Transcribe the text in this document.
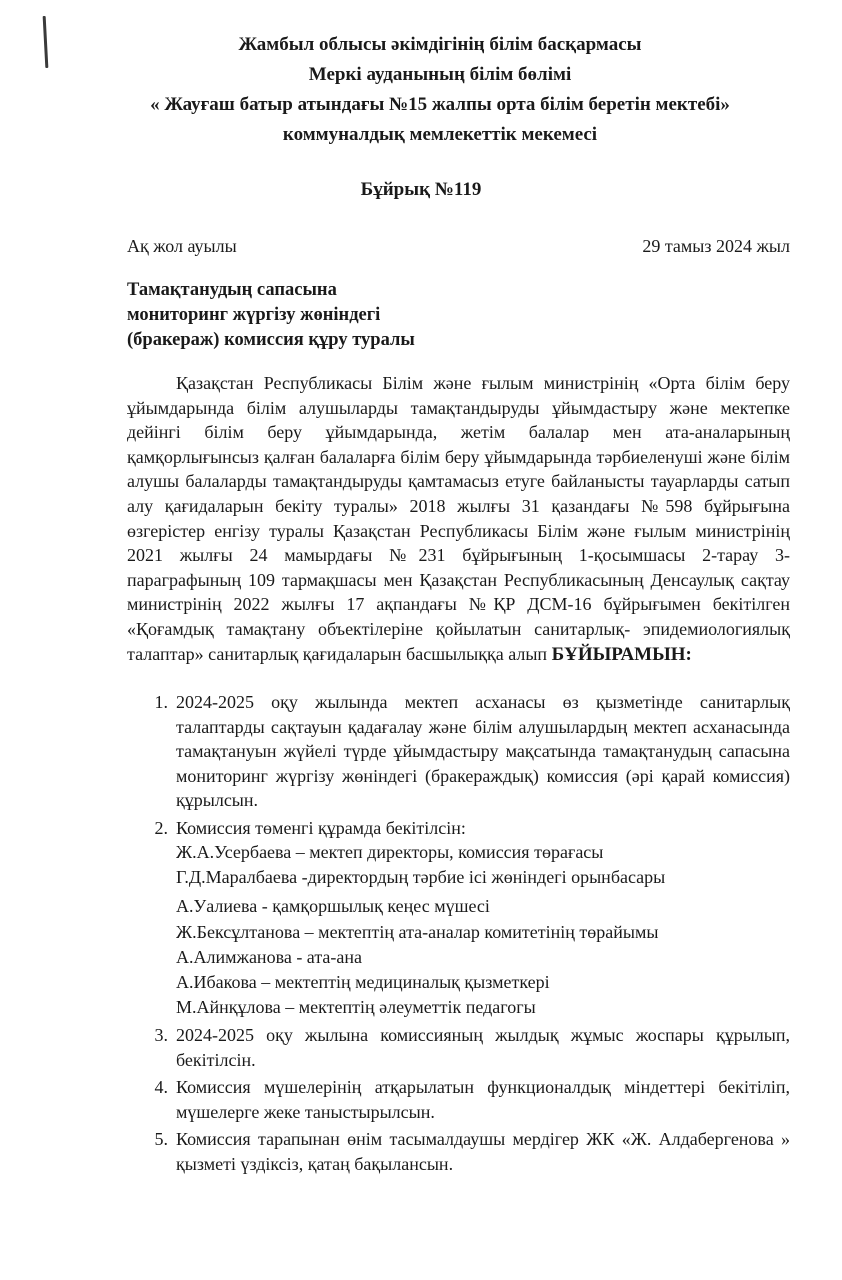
Жамбыл облысы әкімдігінің білім басқармасы
Меркі ауданының білім бөлімі
« Жауғаш батыр атындағы №15 жалпы орта білім беретін мектебі»
коммуналдық мемлекеттік мекемесі
Бұйрық №119
Ақ жол ауылы	29 тамыз 2024 жыл
Тамақтанудың сапасына
мониторинг жүргізу жөніндегі
(бракераж) комиссия құру туралы
Қазақстан Республикасы Білім және ғылым министрінің «Орта білім беру ұйымдарында білім алушыларды тамақтандыруды ұйымдастыру және мектепке дейінгі білім беру ұйымдарында, жетім балалар мен ата-аналарының қамқорлығынсыз қалған балаларға білім беру ұйымдарында тәрбиеленуші және білім алушы балаларды тамақтандыруды қамтамасыз етуге байланысты тауарларды сатып алу қағидаларын бекіту туралы» 2018 жылғы 31 қазандағы №598 бұйрығына өзгерістер енгізу туралы Қазақстан Республикасы Білім және ғылым министрінің 2021 жылғы 24 мамырдағы №231 бұйрығының 1-қосымшасы 2-тарау 3-параграфының 109 тармақшасы мен Қазақстан Республикасының Денсаулық сақтау министрінің 2022 жылғы 17 ақпандағы №ҚР ДСМ-16 бұйрығымен бекітілген «Қоғамдық тамақтану объектілеріне қойылатын санитарлық- эпидемиологиялық талаптар» санитарлық қағидаларын басшылыққа алып БҰЙЫРАМЫН:
1. 2024-2025 оқу жылында мектеп асханасы өз қызметінде санитарлық талаптарды сақтауын қадағалау және білім алушылардың мектеп асханасында тамақтануын жүйелі түрде ұйымдастыру мақсатында тамақтанудың сапасына мониторинг жүргізу жөніндегі (бракераждық) комиссия (әрі қарай комиссия) құрылсын.
2. Комиссия төменгі құрамда бекітілсін:
Ж.А.Усербаева – мектеп директоры, комиссия төрағасы
Г.Д.Маралбаева -директордың тәрбие ісі жөніндегі орынбасары
А.Уалиева - қамқоршылық кеңес мүшесі
Ж.Бексұлтанова – мектептің ата-аналар комитетінің төрайымы
А.Алимжанова - ата-ана
А.Ибакова – мектептің медициналық қызметкері
М.Айнқұлова – мектептің әлеуметтік педагогы
3. 2024-2025 оқу жылына комиссияның жылдық жұмыс жоспары құрылып, бекітілсін.
4. Комиссия мүшелерінің атқарылатын функционалдық міндеттері бекітіліп, мүшелерге жеке таныстырылсын.
5. Комиссия тарапынан өнім тасымалдаушы мердігер ЖК «Ж. Алдабергенова » қызметі үздіксіз, қатаң бақылансын.
